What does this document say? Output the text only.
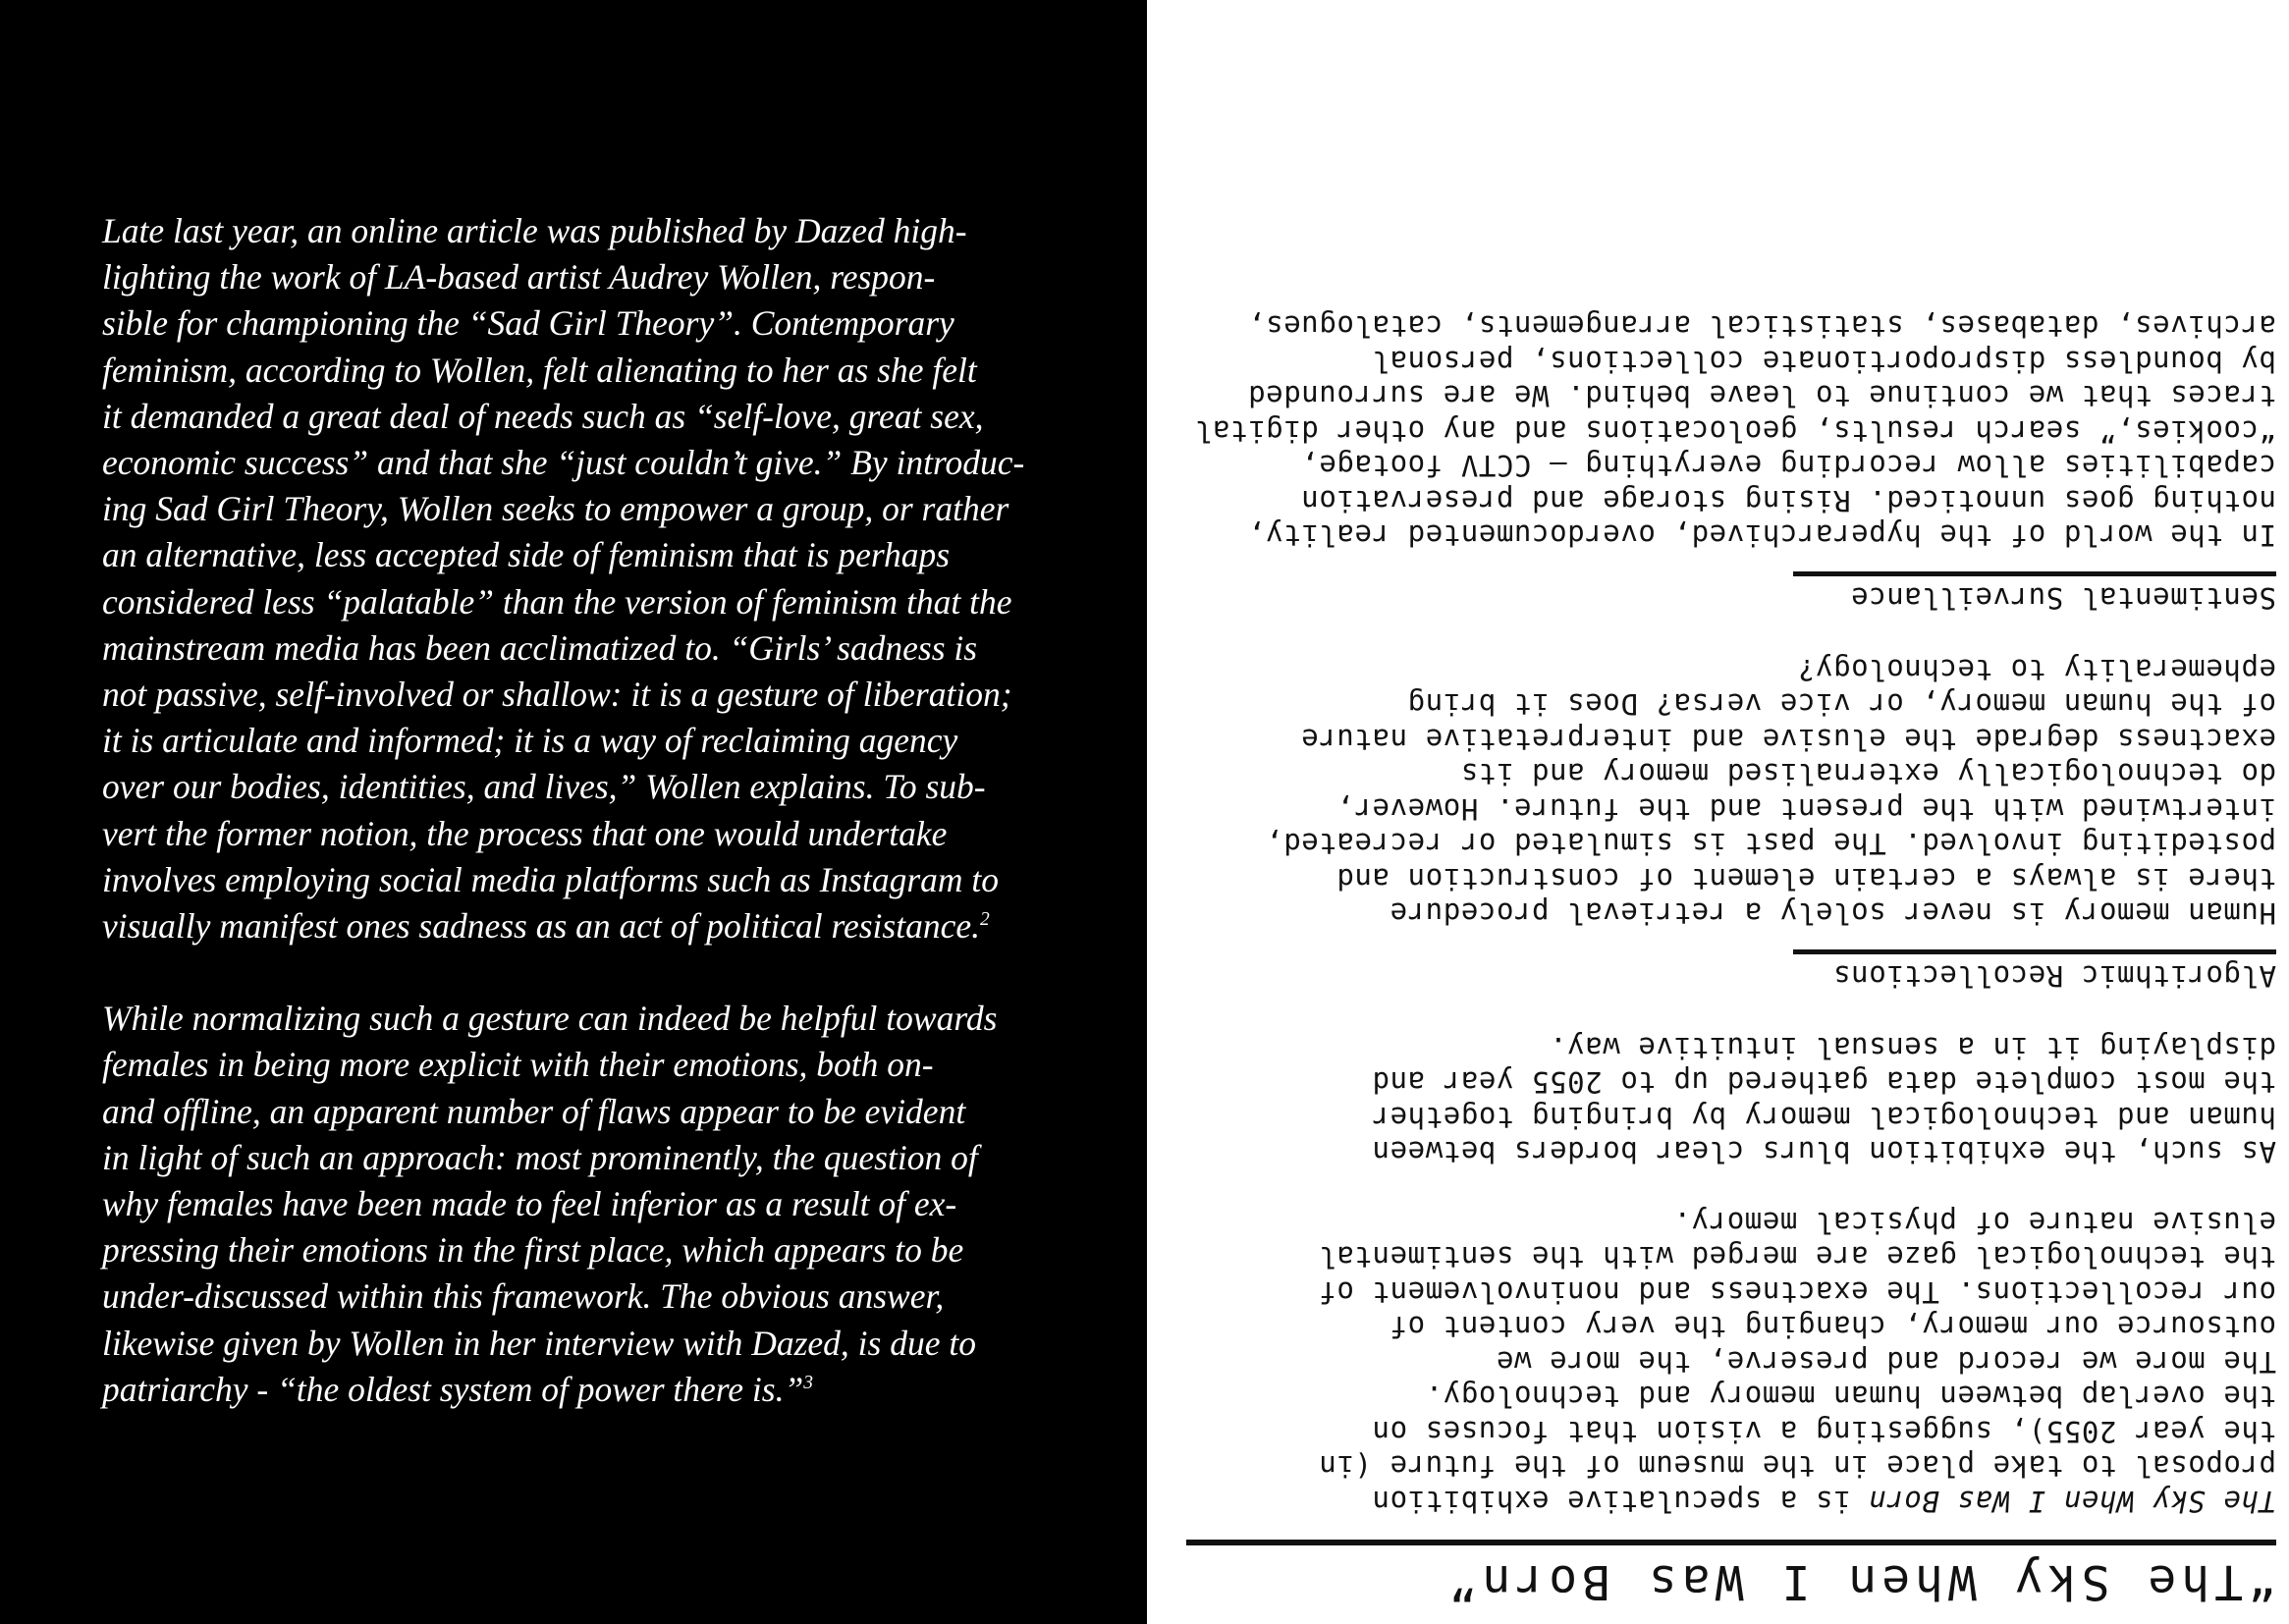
Late last year, an online article was published by Dazed high-
lighting the work of LA-based artist Audrey Wollen, respon-
sible for championing the “Sad Girl Theory”. Contemporary
feminism, according to Wollen, felt alienating to her as she felt
it demanded a great deal of needs such as “self-love, great sex,
economic success” and that she “just couldn’t give.” By introduc-
ing Sad Girl Theory, Wollen seeks to empower a group, or rather
an alternative, less accepted side of feminism that is perhaps
considered less “palatable” than the version of feminism that the
mainstream media has been acclimatized to. “Girls’ sadness is
not passive, self-involved or shallow: it is a gesture of liberation;
it is articulate and informed; it is a way of reclaiming agency
over our bodies, identities, and lives,” Wollen explains. To sub-
vert the former notion, the process that one would undertake
involves employing social media platforms such as Instagram to
visually manifest ones sadness as an act of political resistance.$^2$

While normalizing such a gesture can indeed be helpful towards
females in being more explicit with their emotions, both on-
and offline, an apparent number of flaws appear to be evident
in light of such an approach: most prominently, the question of
why females have been made to feel inferior as a result of ex-
pressing their emotions in the first place, which appears to be
under-discussed within this framework. The obvious answer,
likewise given by Wollen in her interview with Dazed, is due to
patriarchy - “the oldest system of power there is.”$^3$

“The Sky When I Was Born”
The Sky When I Was Born is a speculative exhibition
proposal to take place in the museum of the future (in
the year 2055), suggesting a vision that focuses on
the overlap between human memory and technology.
The more we record and preserve, the more we
outsource our memory, changing the very content of
our recollections. The exactness and noninvolvement of
the technological gaze are merged with the sentimental
elusive nature of physical memory.
As such, the exhibition blurs clear borders between
human and technological memory by bringing together
the most complete data gathered up to 2055 year and
displaying it in a sensual intuitive way.
Algorithmic Recollections
Human memory is never solely a retrieval procedure
there is always a certain element of construction and
postediting involved. The past is simulated or recreated,
intertwined with the present and the future. However,
do technologically externalised memory and its
exactness degrade the elusive and interpretative nature
of the human memory, or vice versa? Does it bring
ephemerality to technology?
Sentimental Surveillance
In the world of the hyperarchived, overdocumented reality,
nothing goes unnoticed. Rising storage and preservation
capabilities allow recording everything — CCTV footage,
“cookies,” search results, geolocations and any other digital
traces that we continue to leave behind. We are surrounded
by boundless disproportionate collections, personal
archives, databases, statistical arrangements, catalogues,
